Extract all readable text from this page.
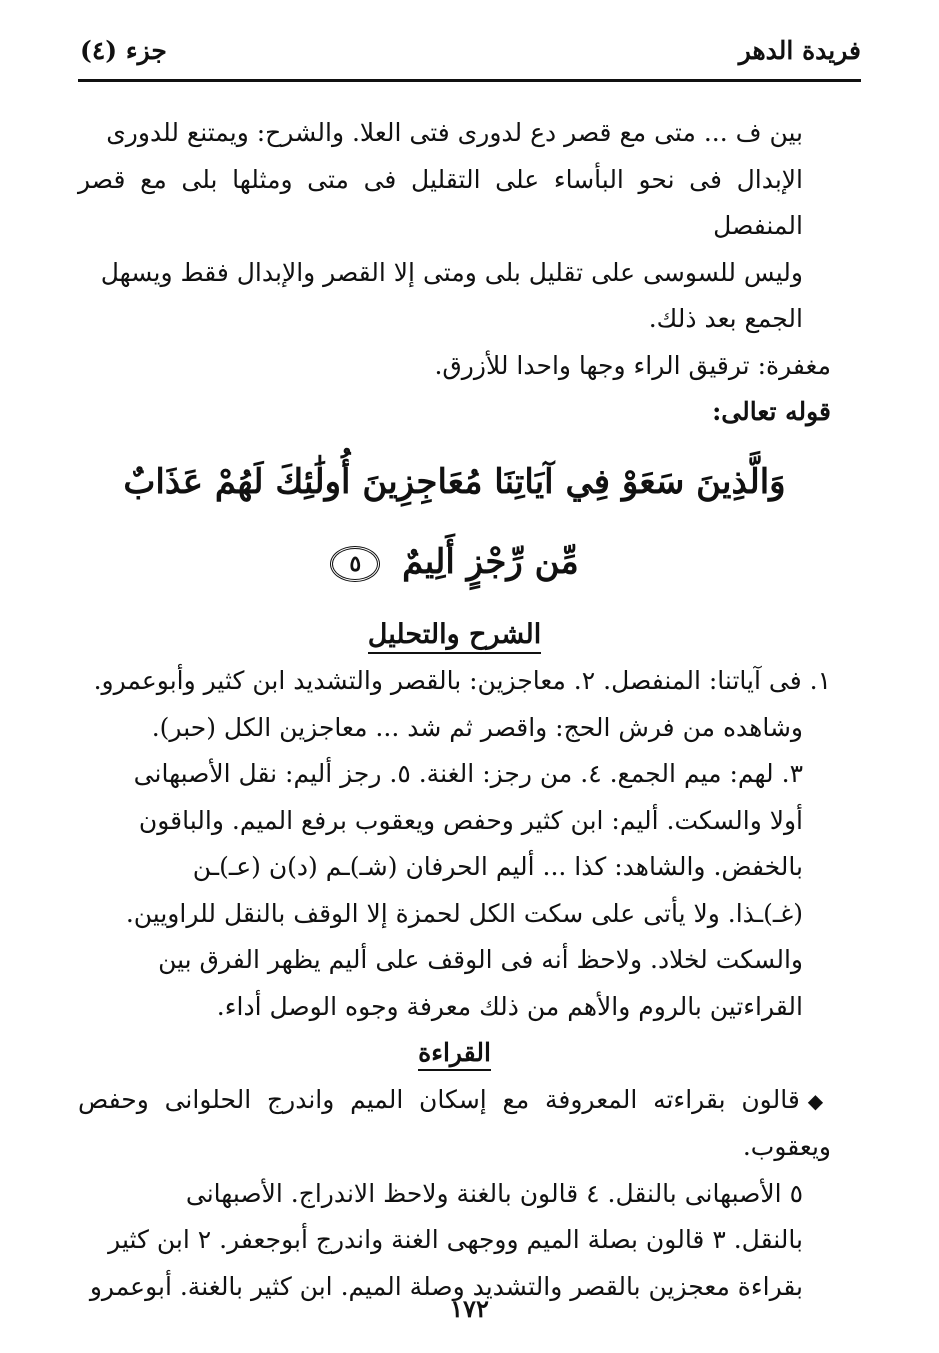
فريدة الدهر
جزء (٤)

بين ف ... متى مع قصر دع لدورى فتى العلا. والشرح: ويمتنع للدورى

الإبدال فى نحو البأساء على التقليل فى متى ومثلها بلى مع قصر المنفصل

وليس للسوسى على تقليل بلى ومتى إلا القصر والإبدال فقط ويسهل

الجمع بعد ذلك.

مغفرة: ترقيق الراء وجها واحدا للأزرق.

قوله تعالى:

وَالَّذِينَ سَعَوْ فِي آيَاتِنَا مُعَاجِزِينَ أُولَٰئِكَ لَهُمْ عَذَابٌ
مِّن رِّجْزٍ أَلِيمٌ ٥

الشرح والتحليل

١. فى آياتنا: المنفصل. ٢. معاجزين: بالقصر والتشديد ابن كثير وأبوعمرو.

وشاهده من فرش الحج: واقصر ثم شد ... معاجزين الكل (حبر).

٣. لهم: ميم الجمع. ٤. من رجز: الغنة. ٥. رجز أليم: نقل الأصبهانى

أولا والسكت. أليم: ابن كثير وحفص ويعقوب برفع الميم. والباقون

بالخفض. والشاهد: كذا ... أليم الحرفان (شـ)ـم (د)ن (عـ)ـن

(غـ)ـذا. ولا يأتى على سكت الكل لحمزة إلا الوقف بالنقل للراويين.

والسكت لخلاد. ولاحظ أنه فى الوقف على أليم يظهر الفرق بين

القراءتين بالروم والأهم من ذلك معرفة وجوه الوصل أداء.

القراءة

◆قالون بقراءته المعروفة مع إسكان الميم واندرج الحلوانى وحفص ويعقوب.

٥ الأصبهانى بالنقل. ٤ قالون بالغنة ولاحظ الاندراج. الأصبهانى

بالنقل. ٣ قالون بصلة الميم ووجهى الغنة واندرج أبوجعفر. ٢ ابن كثير

بقراءة معجزين بالقصر والتشديد وصلة الميم. ابن كثير بالغنة. أبوعمرو

١٧٢
